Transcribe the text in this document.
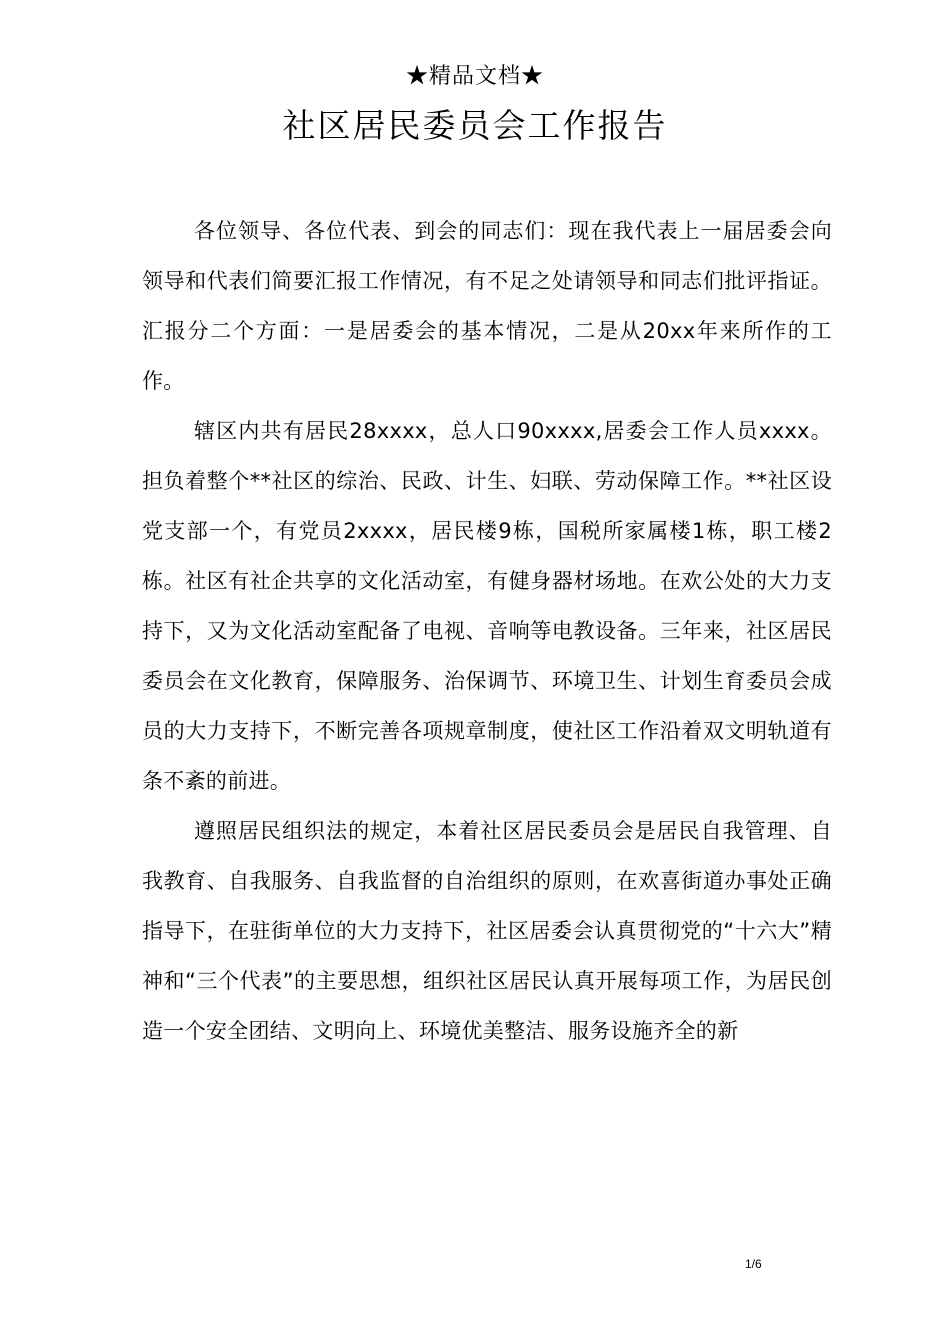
★精品文档★
社区居民委员会工作报告

各位领导、各位代表、到会的同志们：现在我代表上一届居委会向领导和代表们简要汇报工作情况，有不足之处请领导和同志们批评指证。汇报分二个方面：一是居委会的基本情况，二是从20xx年来所作的工作。

辖区内共有居民28xxxx，总人口90xxxx,居委会工作人员xxxx。担负着整个**社区的综治、民政、计生、妇联、劳动保障工作。**社区设党支部一个，有党员2xxxx，居民楼9栋，国税所家属楼1栋，职工楼2栋。社区有社企共享的文化活动室，有健身器材场地。在欢公处的大力支持下，又为文化活动室配备了电视、音响等电教设备。三年来，社区居民委员会在文化教育，保障服务、治保调节、环境卫生、计划生育委员会成员的大力支持下，不断完善各项规章制度，使社区工作沿着双文明轨道有条不紊的前进。

遵照居民组织法的规定，本着社区居民委员会是居民自我管理、自我教育、自我服务、自我监督的自治组织的原则，在欢喜街道办事处正确指导下，在驻街单位的大力支持下，社区居委会认真贯彻党的“十六大”精神和“三个代表”的主要思想，组织社区居民认真开展每项工作，为居民创造一个安全团结、文明向上、环境优美整洁、服务设施齐全的新

1/6
